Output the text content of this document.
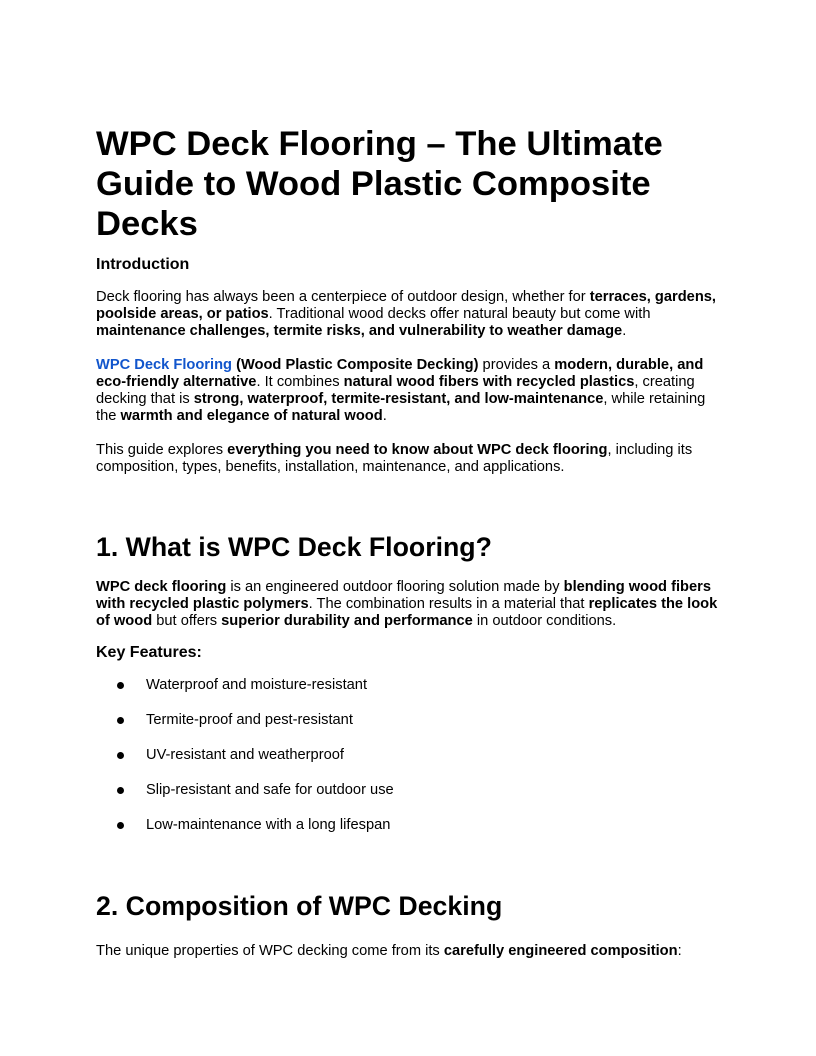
WPC Deck Flooring – The Ultimate Guide to Wood Plastic Composite Decks
Introduction

Deck flooring has always been a centerpiece of outdoor design, whether for terraces, gardens, poolside areas, or patios. Traditional wood decks offer natural beauty but come with maintenance challenges, termite risks, and vulnerability to weather damage.

WPC Deck Flooring (Wood Plastic Composite Decking) provides a modern, durable, and eco-friendly alternative. It combines natural wood fibers with recycled plastics, creating decking that is strong, waterproof, termite-resistant, and low-maintenance, while retaining the warmth and elegance of natural wood.

This guide explores everything you need to know about WPC deck flooring, including its composition, types, benefits, installation, maintenance, and applications.

1. What is WPC Deck Flooring?

WPC deck flooring is an engineered outdoor flooring solution made by blending wood fibers with recycled plastic polymers. The combination results in a material that replicates the look of wood but offers superior durability and performance in outdoor conditions.

Key Features:
Waterproof and moisture-resistant
Termite-proof and pest-resistant
UV-resistant and weatherproof
Slip-resistant and safe for outdoor use
Low-maintenance with a long lifespan
2. Composition of WPC Decking

The unique properties of WPC decking come from its carefully engineered composition:
